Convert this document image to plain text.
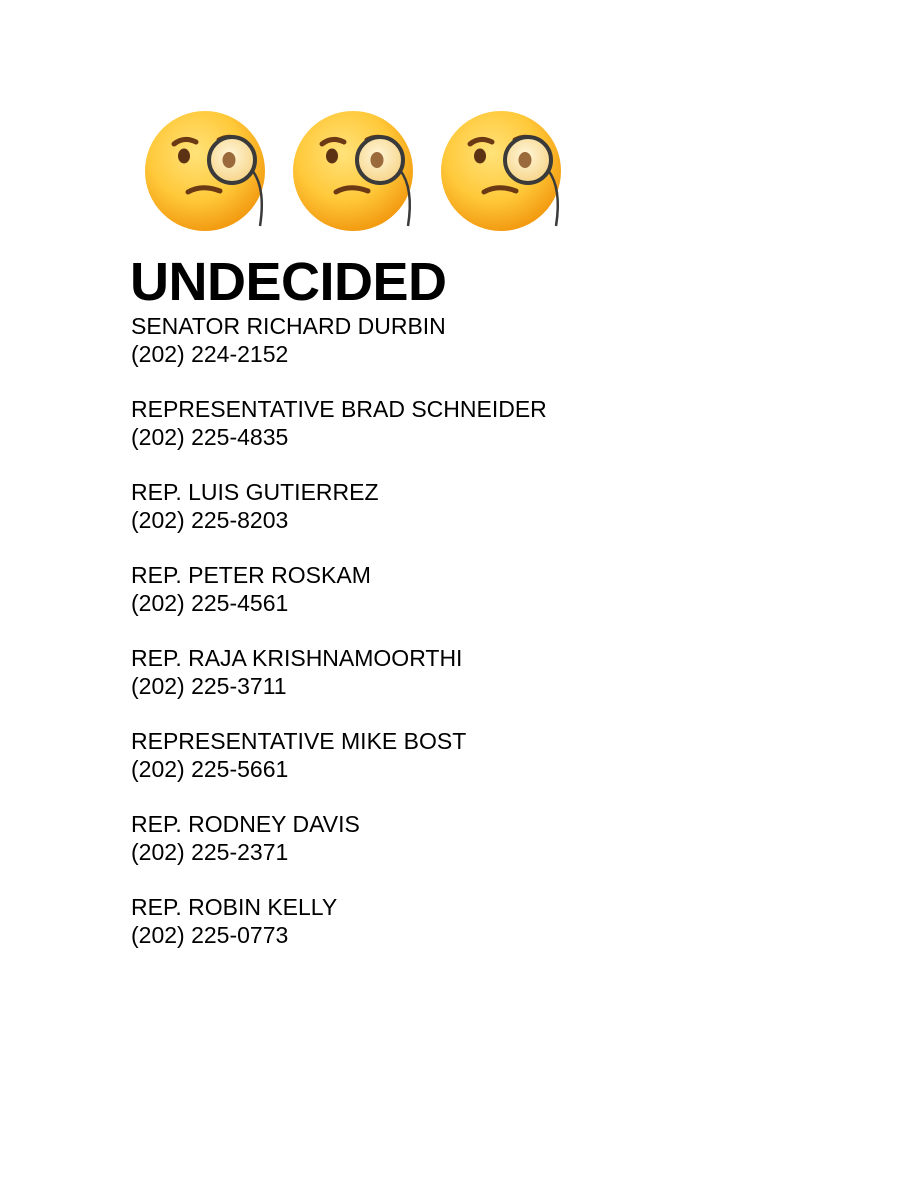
UNDECIDED
SENATOR RICHARD DURBIN
(202) 224-2152
REPRESENTATIVE BRAD SCHNEIDER
(202) 225-4835
REP. LUIS GUTIERREZ
(202) 225-8203
REP. PETER ROSKAM
(202) 225-4561
REP. RAJA KRISHNAMOORTHI
(202) 225-3711
REPRESENTATIVE MIKE BOST
(202) 225-5661
REP. RODNEY DAVIS
(202) 225-2371
REP. ROBIN KELLY
(202) 225-0773
